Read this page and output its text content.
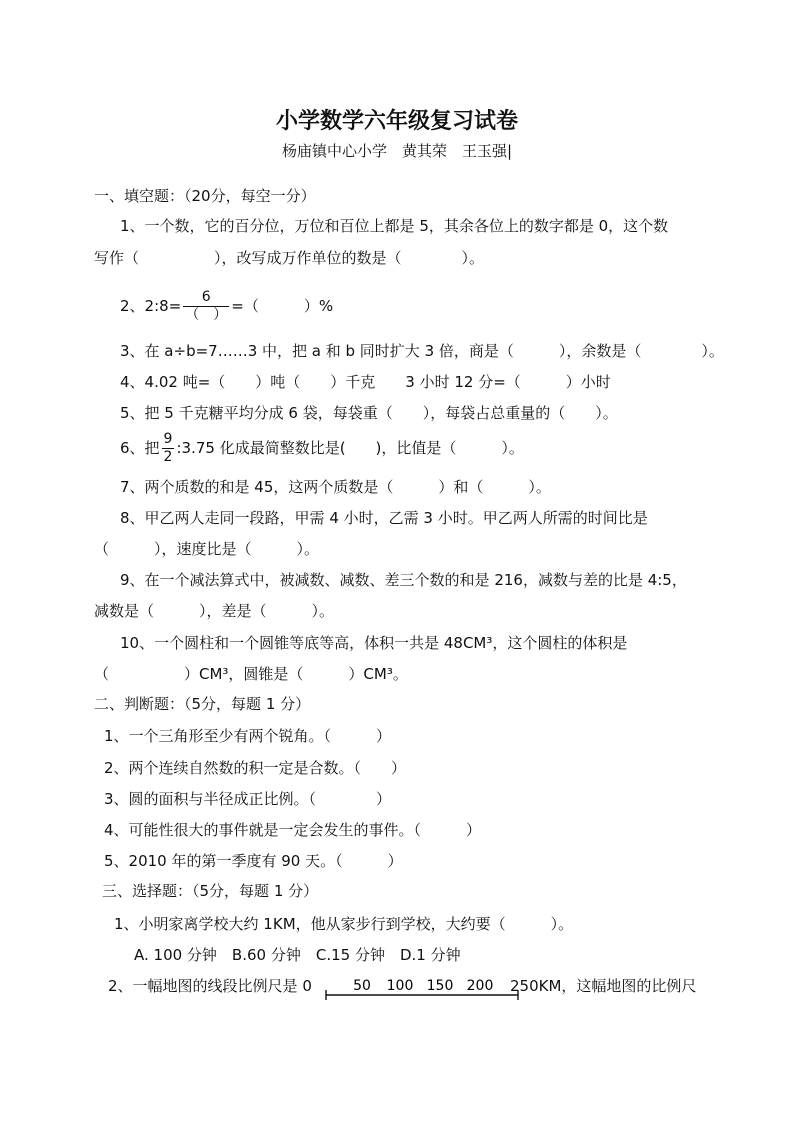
小学数学六年级复习试卷
杨庙镇中心小学　黄其荣　王玉强|
一、填空题：（20分，每空一分）
1、一个数，它的百分位，万位和百位上都是 5，其余各位上的数字都是 0，这个数
写作（　　　　　），改写成万作单位的数是（　　　　）。
2、2:8= $\frac{6}{( )}$ =（　　　）%
3、在 a÷b=7……3 中，把 a 和 b 同时扩大 3 倍，商是（　　　），余数是（　　　　）。
4、4.02 吨=（　　）吨（　　）千克　　3 小时 12 分=（　　　）小时
5、把 5 千克糖平均分成 6 袋，每袋重（　　），每袋占总重量的（　　）。
6、把 $\frac{9}{2}$ :3.75 化成最简整数比是(　　)，比值是（　　　）。
7、两个质数的和是 45，这两个质数是（　　　）和（　　　）。
8、甲乙两人走同一段路，甲需 4 小时，乙需 3 小时。甲乙两人所需的时间比是
（　　　），速度比是（　　　）。
9、在一个减法算式中，被减数、减数、差三个数的和是 216，减数与差的比是 4:5，
减数是（　　　），差是（　　　）。
10、一个圆柱和一个圆锥等底等高，体积一共是 48CM³，这个圆柱的体积是
（　　　　　）CM³，圆锥是（　　　）CM³。
二、判断题：（5分，每题 1 分）
1、一个三角形至少有两个锐角。（　　　）
2、两个连续自然数的积一定是合数。（　　）
3、圆的面积与半径成正比例。（　　　　）
4、可能性很大的事件就是一定会发生的事件。（　　　）
5、2010 年的第一季度有 90 天。（　　　）
三、选择题：（5分，每题 1 分）
1、小明家离学校大约 1KM，他从家步行到学校，大约要（　　　）。
A. 100 分钟　B.60 分钟　C.15 分钟　D.1 分钟
2、一幅地图的线段比例尺是 0	50 100 150 200 250KM，这幅地图的比例尺
